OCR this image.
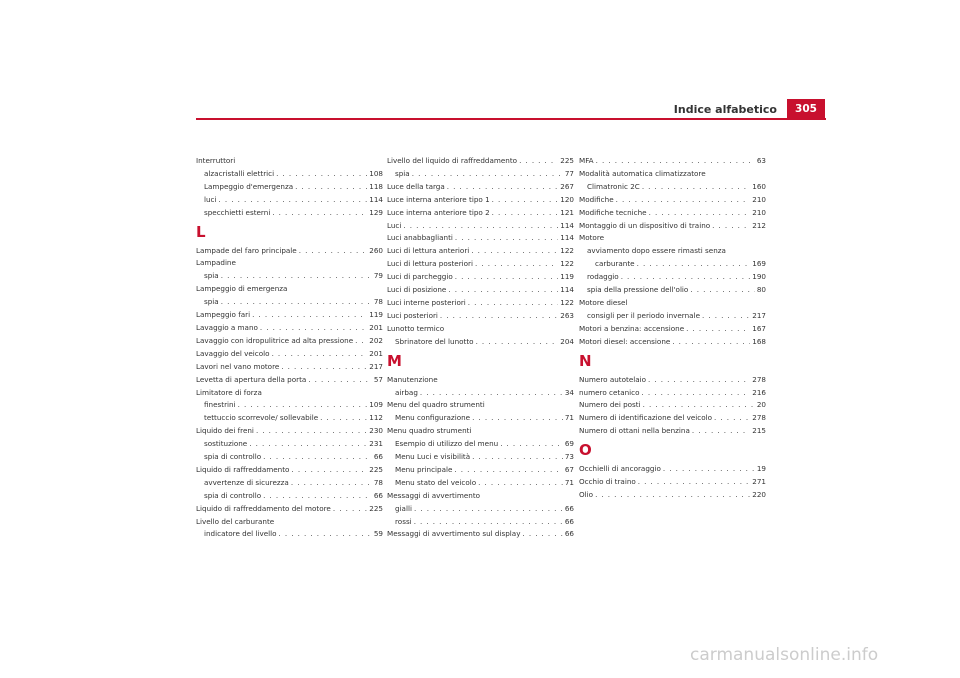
Indice alfabetico	305
Interruttori
alzacristalli elettrici . . .	108
Lampeggio d'emergenza . . .	118
luci . . .	114
specchietti esterni . . .	129
L
Lampade del faro principale . . .	260
Lampadine
spia . . .	79
Lampeggio di emergenza
spia . . .	78
Lampeggio fari . . .	119
Lavaggio a mano . . .	201
Lavaggio con idropulitrice ad alta pressione . . . 202
Lavaggio del veicolo . . .	201
Lavori nel vano motore . . .	217
Levetta di apertura della porta . . .	57
Limitatore di forza
finestrini . . .	109
tettuccio scorrevole/ sollevabile . . .	112
Liquido dei freni . . .	230
sostituzione . . .	231
spia di controllo . . .	66
Liquido di raffreddamento . . .	225
avvertenze di sicurezza . . .	78
spia di controllo . . .	66
Liquido di raffreddamento del motore . . .	225
Livello del carburante
indicatore del livello . . .	59
Livello del liquido di raffreddamento . . .	225
spia . . .	77
Luce della targa . . .	267
Luce interna anteriore tipo 1 . . .	120
Luce interna anteriore tipo 2 . . .	121
Luci . . .	114
Luci anabbaglianti . . .	114
Luci di lettura anteriori . . .	122
Luci di lettura posteriori . . .	122
Luci di parcheggio . . .	119
Luci di posizione . . .	114
Luci interne posteriori . . .	122
Luci posteriori . . .	263
Lunotto termico
Sbrinatore del lunotto . . .	204
M
Manutenzione
airbag . . .	34
Menu del quadro strumenti
Menu configurazione . . .	71
Menu quadro strumenti
Esempio di utilizzo del menu . . .	69
Menu Luci e visibilità . . .	73
Menu principale . . .	67
Menu stato del veicolo . . .	71
Messaggi di avvertimento
gialli . . .	66
rossi . . .	66
Messaggi di avvertimento sul display . . .	66
MFA . . .	63
Modalità automatica climatizzatore
Climatronic 2C . . .	160
Modifiche . . .	210
Modifiche tecniche . . .	210
Montaggio di un dispositivo di traino . . .	212
Motore
avviamento dopo essere rimasti senza
carburante . . .	169
rodaggio . . .	190
spia della pressione dell'olio . . .	80
Motore diesel
consigli per il periodo invernale . . .	217
Motori a benzina: accensione . . .	167
Motori diesel: accensione . . .	168
N
Numero autotelaio . . .	278
numero cetanico . . .	216
Numero dei posti . . .	20
Numero di identificazione del veicolo . . .	278
Numero di ottani nella benzina . . .	215
O
Occhielli di ancoraggio . . .	19
Occhio di traino . . .	271
Olio . . .	220
carmanualsonline.info
